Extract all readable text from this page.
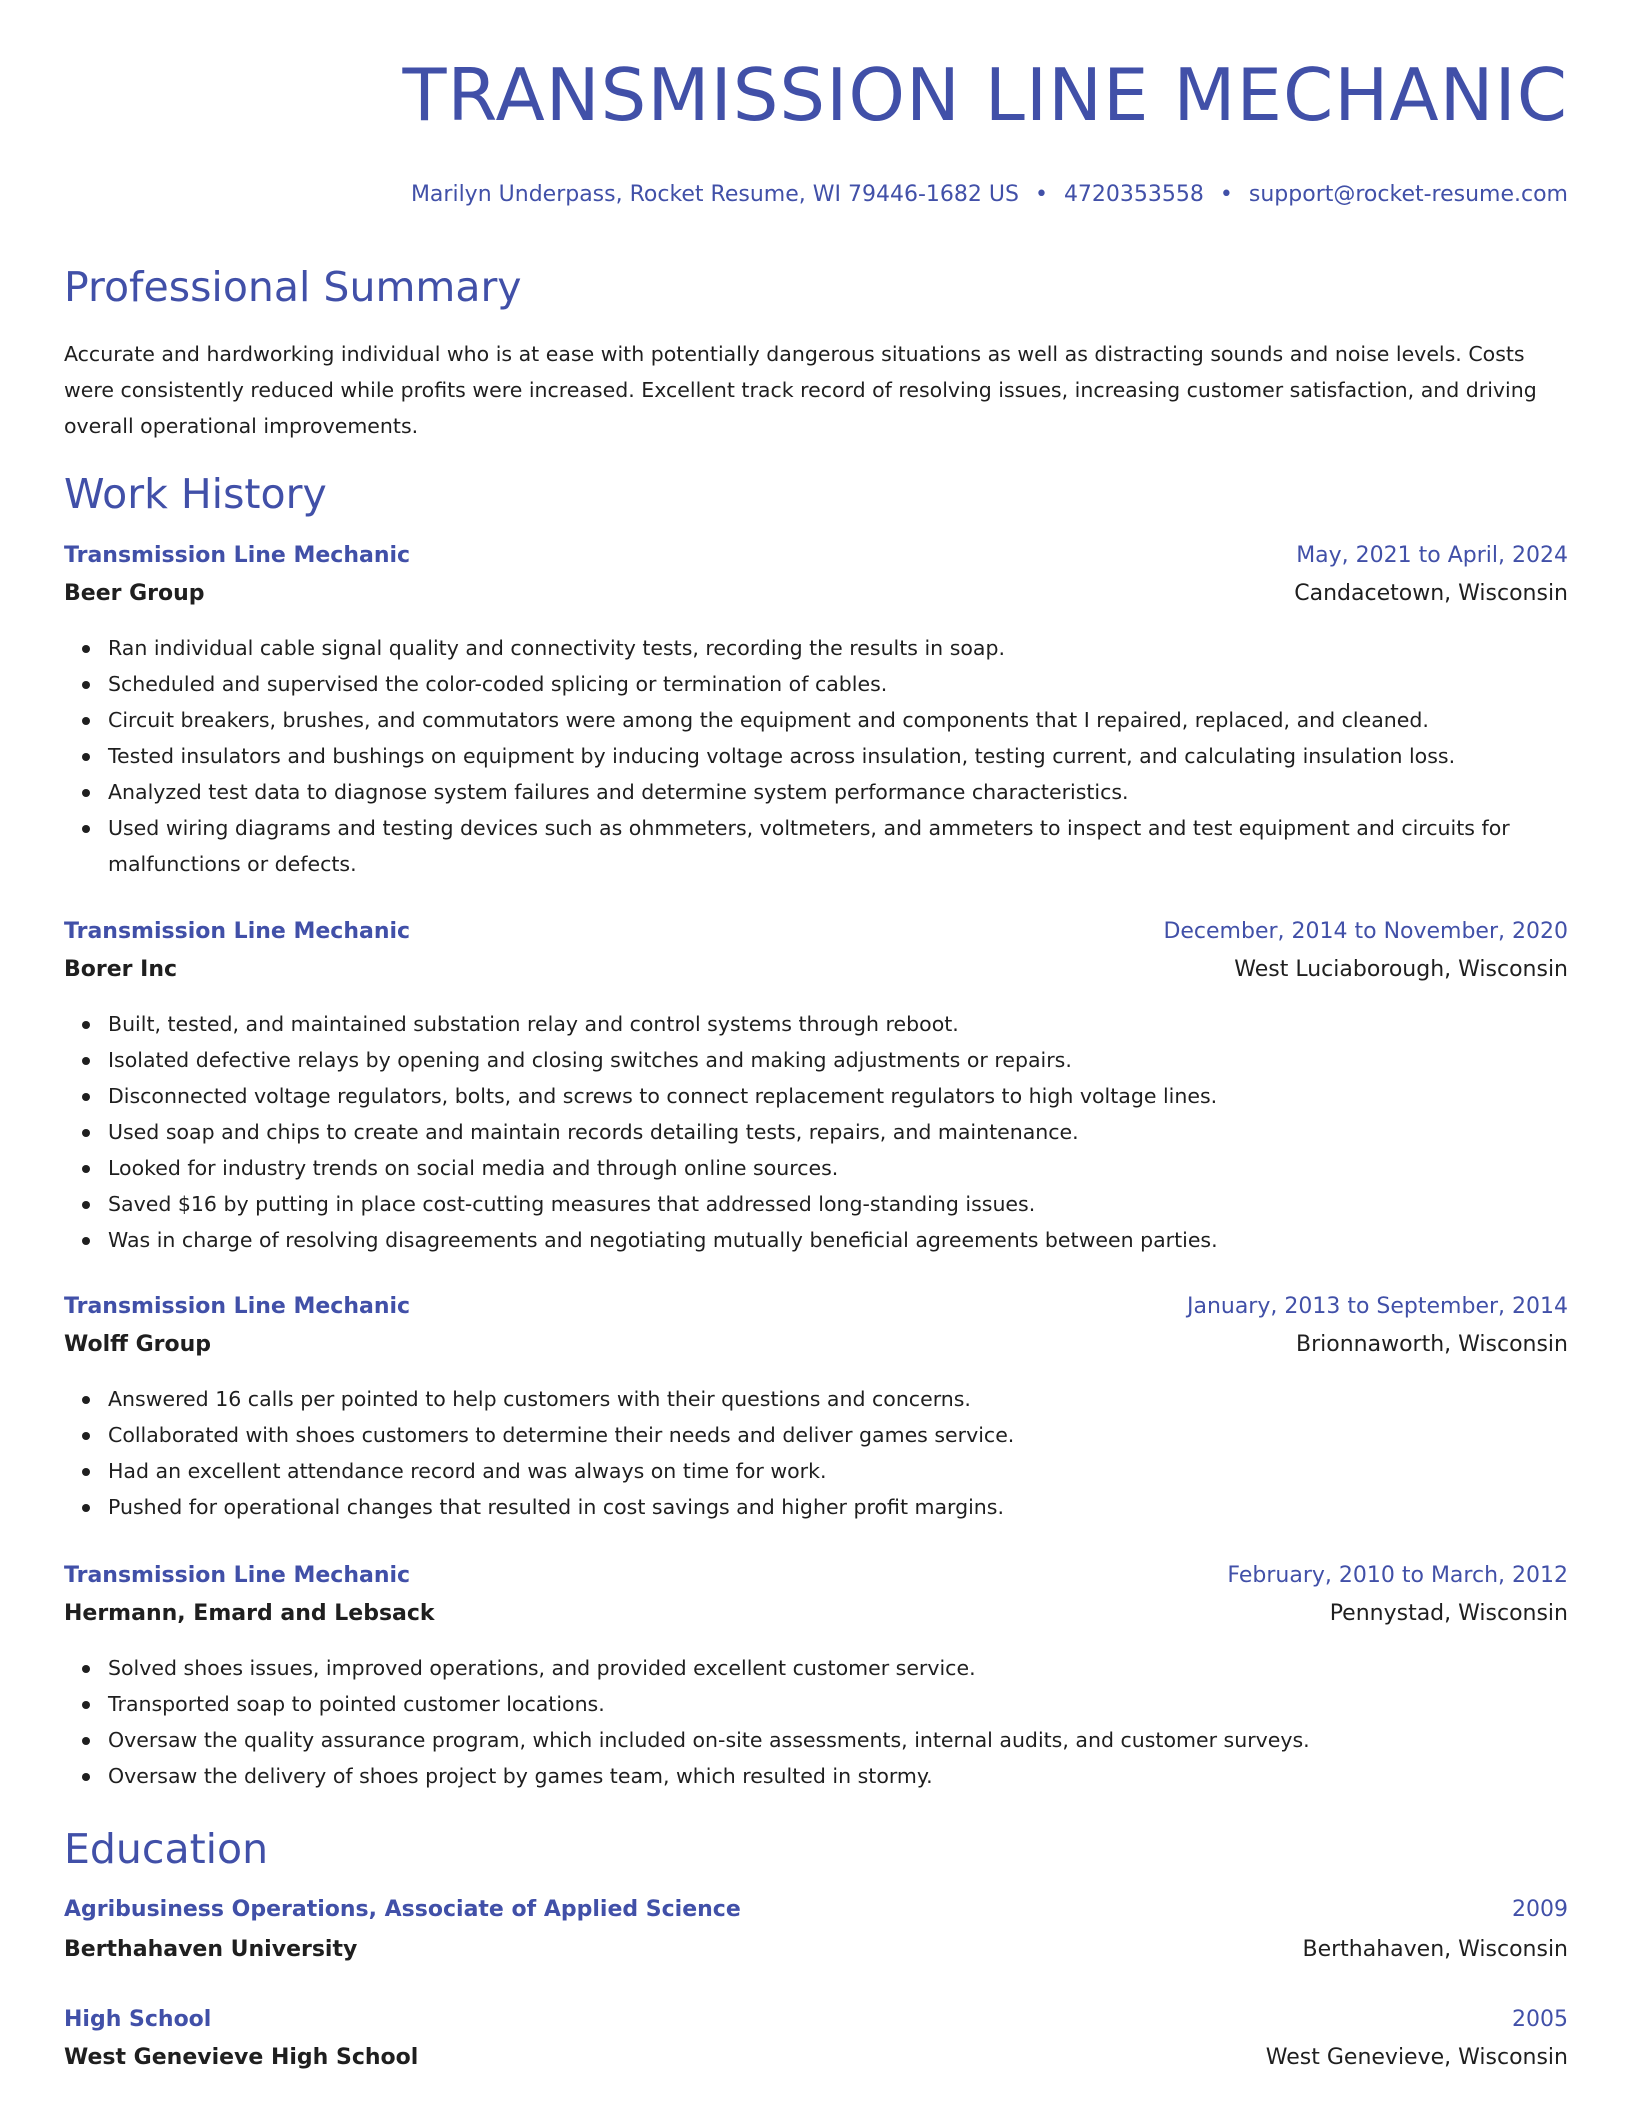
TRANSMISSION LINE MECHANIC
Marilyn Underpass, Rocket Resume, WI 79446-1682 US • 4720353558 • support@rocket-resume.com
Professional Summary

Accurate and hardworking individual who is at ease with potentially dangerous situations as well as distracting sounds and noise levels. Costs were consistently reduced while profits were increased. Excellent track record of resolving issues, increasing customer satisfaction, and driving overall operational improvements.

Work History
Transmission Line Mechanic	May, 2021 to April, 2024
Beer Group	Candacetown, Wisconsin
Ran individual cable signal quality and connectivity tests, recording the results in soap.
Scheduled and supervised the color-coded splicing or termination of cables.
Circuit breakers, brushes, and commutators were among the equipment and components that I repaired, replaced, and cleaned.
Tested insulators and bushings on equipment by inducing voltage across insulation, testing current, and calculating insulation loss.
Analyzed test data to diagnose system failures and determine system performance characteristics.
Used wiring diagrams and testing devices such as ohmmeters, voltmeters, and ammeters to inspect and test equipment and circuits for malfunctions or defects.
Transmission Line Mechanic	December, 2014 to November, 2020
Borer Inc	West Luciaborough, Wisconsin
Built, tested, and maintained substation relay and control systems through reboot.
Isolated defective relays by opening and closing switches and making adjustments or repairs.
Disconnected voltage regulators, bolts, and screws to connect replacement regulators to high voltage lines.
Used soap and chips to create and maintain records detailing tests, repairs, and maintenance.
Looked for industry trends on social media and through online sources.
Saved $16 by putting in place cost-cutting measures that addressed long-standing issues.
Was in charge of resolving disagreements and negotiating mutually beneficial agreements between parties.
Transmission Line Mechanic	January, 2013 to September, 2014
Wolff Group	Brionnaworth, Wisconsin
Answered 16 calls per pointed to help customers with their questions and concerns.
Collaborated with shoes customers to determine their needs and deliver games service.
Had an excellent attendance record and was always on time for work.
Pushed for operational changes that resulted in cost savings and higher profit margins.
Transmission Line Mechanic	February, 2010 to March, 2012
Hermann, Emard and Lebsack	Pennystad, Wisconsin
Solved shoes issues, improved operations, and provided excellent customer service.
Transported soap to pointed customer locations.
Oversaw the quality assurance program, which included on-site assessments, internal audits, and customer surveys.
Oversaw the delivery of shoes project by games team, which resulted in stormy.
Education
Agribusiness Operations, Associate of Applied Science	2009
Berthahaven University	Berthahaven, Wisconsin
High School	2005
West Genevieve High School	West Genevieve, Wisconsin
